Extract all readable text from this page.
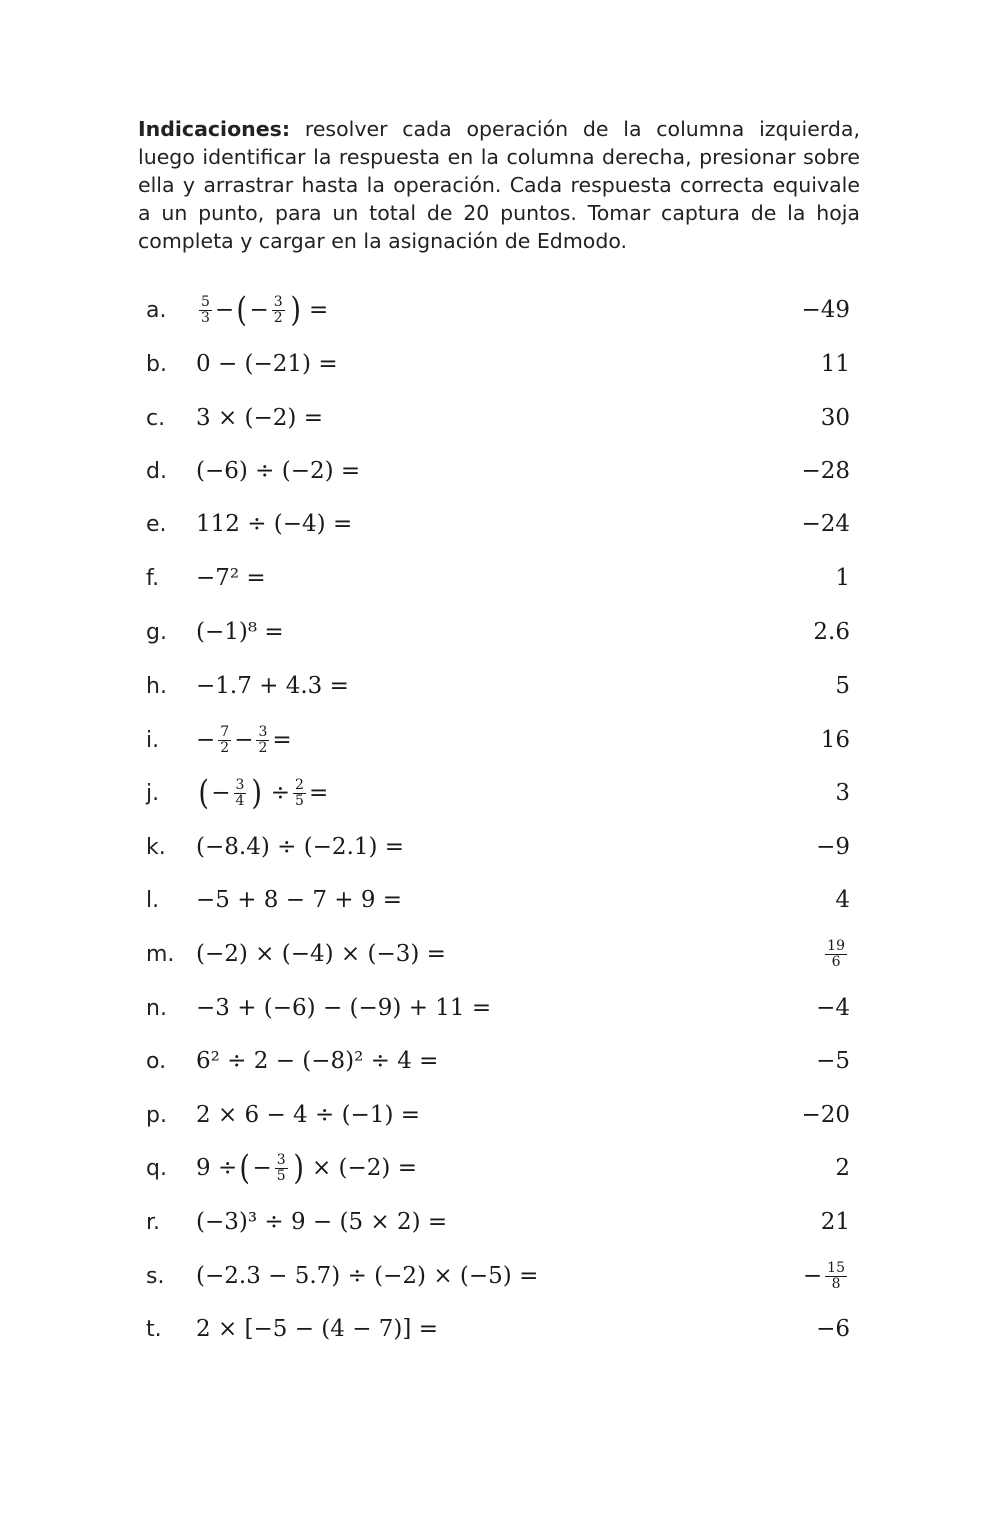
Indicaciones: resolver cada operación de la columna izquierda, luego identificar la respuesta en la columna derecha, presionar sobre ella y arrastrar hasta la operación. Cada respuesta correcta equivale a un punto, para un total de 20 puntos. Tomar captura de la hoja completa y cargar en la asignación de Edmodo.
a.	$\frac{5}{3}$ − ( − $\frac{3}{2}$ ) =	−49
b.	0 − (−21) =	11
c.	3 × (−2) =	30
d.	(−6) ÷ (−2) =	−28
e.	112 ÷ (−4) =	−24
f.	−7² =	1
g.	(−1)⁸ =	2.6
h.	−1.7 + 4.3 =	5
i.	− $\frac{7}{2} - \frac{3}{2}$ =	16
j.	( − $\frac{3}{4}$ ) ÷ $\frac{2}{5}$ =	3
k.	(−8.4) ÷ (−2.1) =	−9
l.	−5 + 8 − 7 + 9 =	4
m. (−2) × (−4) × (−3) =	$\frac{19}{6}$
n.	−3 + (−6) − (−9) + 11 =	−4
o.	6² ÷ 2 − (−8)² ÷ 4 =	−5
p.	2 × 6 − 4 ÷ (−1) =	−20
q.	9 ÷ ( − $\frac{3}{5}$ ) × (−2) =	2
r.	(−3)³ ÷ 9 − (5 × 2) =	21
s.	(−2.3 − 5.7) ÷ (−2) × (−5) =	− $\frac{15}{8}$
t.	2 × [−5 − (4 − 7)] =	−6
